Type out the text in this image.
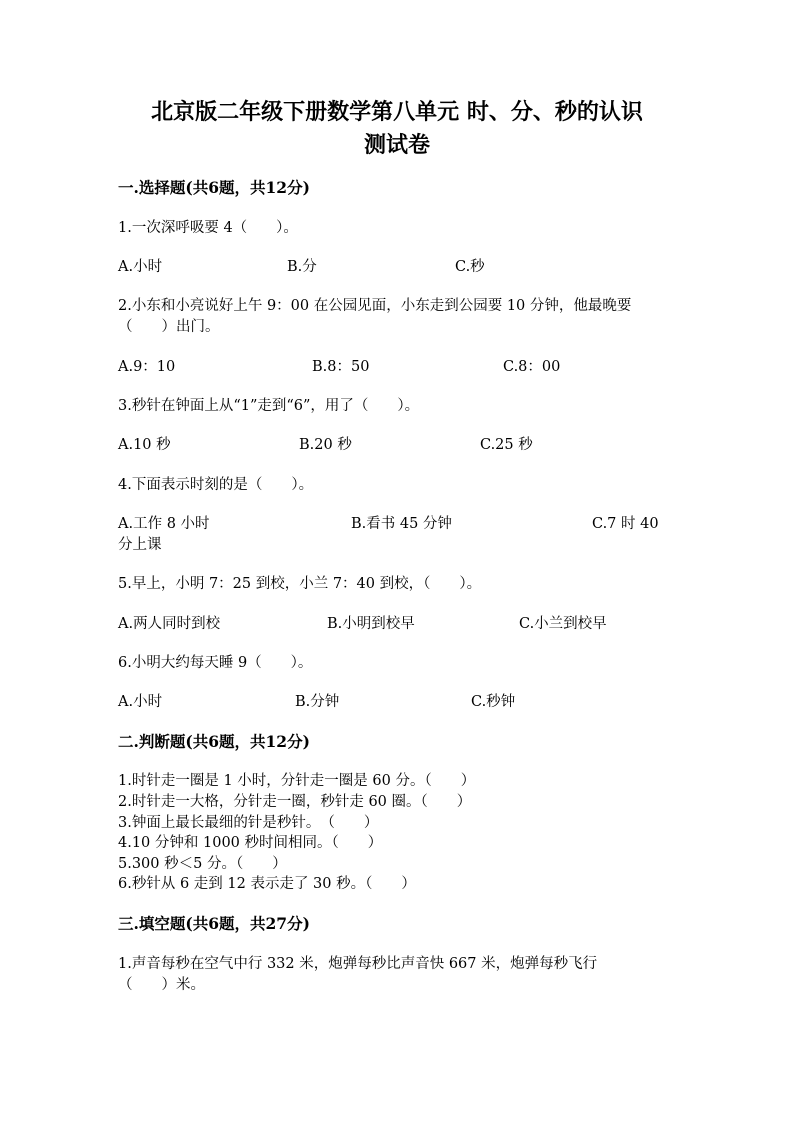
北京版二年级下册数学第八单元 时、分、秒的认识
测试卷
一.选择题(共6题，共12分)
1.一次深呼吸要 4（　　）。
A.小时	B.分	C.秒
2.小东和小亮说好上午 9：00 在公园见面，小东走到公园要 10 分钟，他最晚要
（　　）出门。
A.9：10	B.8：50	C.8：00
3.秒针在钟面上从“1”走到“6”，用了（　　）。
A.10 秒	B.20 秒	C.25 秒
4.下面表示时刻的是（　　）。
A.工作 8 小时	B.看书 45 分钟	C.7 时 40
分上课
5.早上，小明 7：25 到校，小兰 7：40 到校，（　　）。
A.两人同时到校	B.小明到校早	C.小兰到校早
6.小明大约每天睡 9（　　）。
A.小时	B.分钟	C.秒钟
二.判断题(共6题，共12分)
1.时针走一圈是 1 小时，分针走一圈是 60 分。（　　）
2.时针走一大格，分针走一圈，秒针走 60 圈。（　　）
3.钟面上最长最细的针是秒针。　（　　）
4.10 分钟和 1000 秒时间相同。（　　）
5.300 秒＜5 分。（　　）
6.秒针从 6 走到 12 表示走了 30 秒。（　　）
三.填空题(共6题，共27分)
1.声音每秒在空气中行 332 米，炮弹每秒比声音快 667 米，炮弹每秒飞行
（　　）米。
